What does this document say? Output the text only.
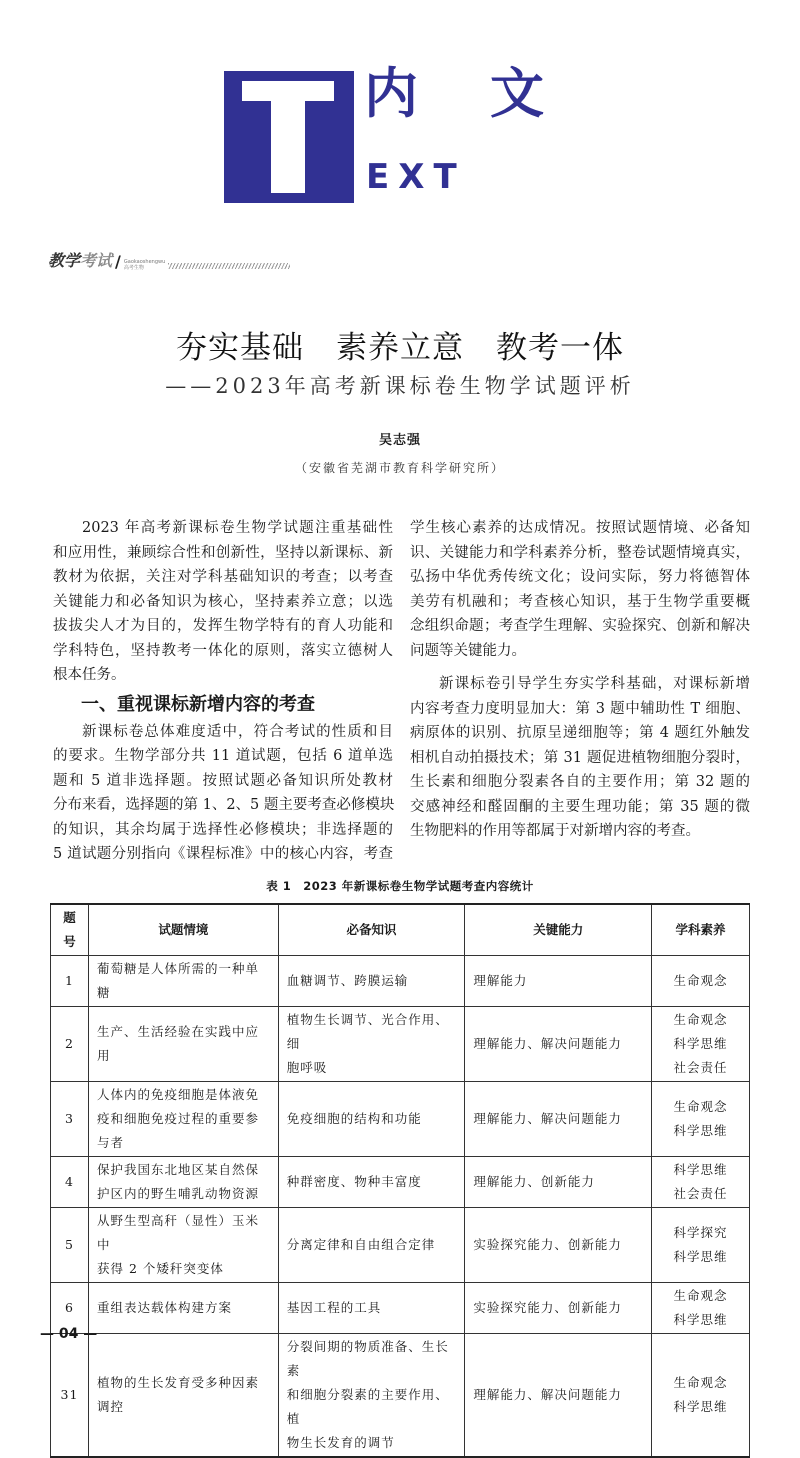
内 文
EXT
教学 考试 / Gaokaoshengwu
高考生物
夯实基础　素养立意　教考一体
——2023年高考新课标卷生物学试题评析
吴志强
（安徽省芜湖市教育科学研究所）
2023 年高考新课标卷生物学试题注重基础性
和应用性，兼顾综合性和创新性，坚持以新课标、新
教材为依据，关注对学科基础知识的考查；以考查
关键能力和必备知识为核心，坚持素养立意；以选
拔拔尖人才为目的，发挥生物学特有的育人功能和
学科特色，坚持教考一体化的原则，落实立德树人
根本任务。
一、重视课标新增内容的考查
新课标卷总体难度适中，符合考试的性质和目
的要求。生物学部分共 11 道试题，包括 6 道单选
题和 5 道非选择题。按照试题必备知识所处教材
分布来看，选择题的第 1、2、5 题主要考查必修模块
的知识，其余均属于选择性必修模块；非选择题的
5 道试题分别指向《课程标准》中的核心内容，考查
学生核心素养的达成情况。按照试题情境、必备知
识、关键能力和学科素养分析，整卷试题情境真实，
弘扬中华优秀传统文化；设问实际，努力将德智体
美劳有机融和；考查核心知识，基于生物学重要概
念组织命题；考查学生理解、实验探究、创新和解决
问题等关键能力。
新课标卷引导学生夯实学科基础，对课标新增
内容考查力度明显加大：第 3 题中辅助性 T 细胞、
病原体的识别、抗原呈递细胞等；第 4 题红外触发
相机自动拍摄技术；第 31 题促进植物细胞分裂时，
生长素和细胞分裂素各自的主要作用；第 32 题的
交感神经和醛固酮的主要生理功能；第 35 题的微
生物肥料的作用等都属于对新增内容的考查。
表 1　2023 年新课标卷生物学试题考查内容统计
题号	试题情境	必备知识	关键能力	学科素养
1	葡萄糖是人体所需的一种单糖	血糖调节、跨膜运输	理解能力	生命观念
2	生产、生活经验在实践中应用	植物生长调节、光合作用、细
胞呼吸	理解能力、解决问题能力	生命观念
科学思维
社会责任
3	人体内的免疫细胞是体液免
疫和细胞免疫过程的重要参
与者	免疫细胞的结构和功能	理解能力、解决问题能力	生命观念
科学思维
4	保护我国东北地区某自然保
护区内的野生哺乳动物资源	种群密度、物种丰富度	理解能力、创新能力	科学思维
社会责任
5	从野生型高秆（显性）玉米中
获得 2 个矮秆突变体	分离定律和自由组合定律	实验探究能力、创新能力	科学探究
科学思维
6	重组表达载体构建方案	基因工程的工具	实验探究能力、创新能力	生命观念
科学思维
31	植物的生长发育受多种因素
调控	分裂间期的物质准备、生长素
和细胞分裂素的主要作用、植
物生长发育的调节	理解能力、解决问题能力	生命观念
科学思维
— 04 —
